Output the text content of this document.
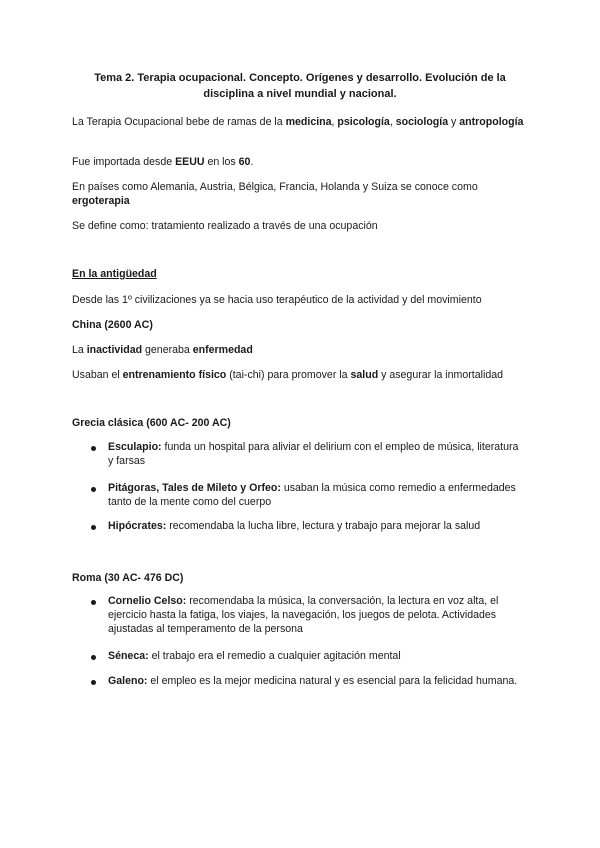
Tema 2. Terapia ocupacional. Concepto. Orígenes y desarrollo. Evolución de la disciplina a nivel mundial y nacional.

La Terapia Ocupacional bebe de ramas de la medicina, psicología, sociología y antropología

Fue importada desde EEUU en los 60.

En países como Alemania, Austria, Bélgica, Francia, Holanda y Suiza se conoce como ergoterapia

Se define como: tratamiento realizado a través de una ocupación

En la antigüedad

Desde las 1º civilizaciones ya se hacia uso terapéutico de la actividad y del movimiento

China (2600 AC)

La inactividad generaba enfermedad

Usaban el entrenamiento físico (tai-chi) para promover la salud y asegurar la inmortalidad

Grecia clásica (600 AC- 200 AC)

Esculapio: funda un hospital para aliviar el delirium con el empleo de música, literatura y farsas

Pitágoras, Tales de Mileto y Orfeo: usaban la música como remedio a enfermedades tanto de la mente como del cuerpo

Hipócrates: recomendaba la lucha libre, lectura y trabajo para mejorar la salud

Roma (30 AC- 476 DC)

Cornelio Celso: recomendaba la música, la conversación, la lectura en voz alta, el ejercicio hasta la fatiga, los viajes, la navegación, los juegos de pelota. Actividades ajustadas al temperamento de la persona

Séneca: el trabajo era el remedio a cualquier agitación mental

Galeno: el empleo es la mejor medicina natural y es esencial para la felicidad humana.
